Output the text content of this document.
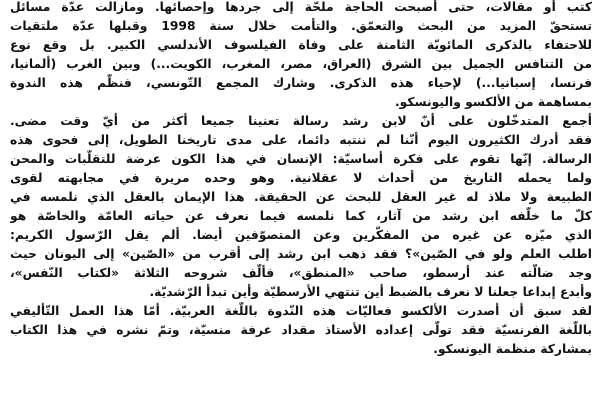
كتب أو مقالات، حتى أصبحت الحاجة ملحّة إلى جردها وإحصائها. ومازالت عدّة مسائل
تستحقّ المزيد من البحث والتعمّق. والتأمت خلال سنة 1998 وقبلها عدّة ملتقيات
للاحتفاء بالذكرى المائويّة الثامنة على وفاة الفيلسوف الأندلسي الكبير. بل وقع نوع
من التنافس الجميل بين الشرق (العراق، مصر، المغرب، الكويت...) وبين الغرب (ألمانيا،
فرنسا، إسبانيا...) لإحياء هذه الذكرى. وشارك المجمع التّونسي، فنظّم هذه الندوة
بمساهمة من الألكسو واليونسكو.
أجمع المتدخّلون على أنّ لابن رشد رسالة تعنينا جميعا أكثر من أيّ وقت مضى.
فقد أدرك الكثيرون اليوم أنّنا لم ننتبه دائما، على مدى تاريخنا الطويل، إلى فحوى هذه
الرسالة. إنّها تقوم على فكرة أساسيّة: الإنسان في هذا الكون عرضة للتقلّبات والمحن
ولما يحمله التاريخ من أحداث لا عقلانية. وهو وحده مريرة في مجابهته لقوى
الطبيعة ولا ملاذ له غير العقل للبحث عن الحقيقة. هذا الإيمان بالعقل الذي نلمسه في
كلّ ما خلّفه ابن رشد من آثار، كما نلمسه فيما نعرف عن حياته العامّة والخاصّة هو
الذي ميّزه عن غيره من المفكّرين وعن المتصوّفين أيضا. ألم يقل الرّسول الكريم:
اطلب العلم ولو في الصّين»؟ فقد ذهب ابن رشد إلى أقرب من «الصّين» إلى اليونان حيث
وجد ضالّته عند أرسطو، صاحب «المنطق»، فألّف شروحه الثلاثة «لكتاب النّفس»،
وأبدع إبداعا جعلنا لا نعرف بالضبط أين تنتهي الأرسطيّة وأين تبدأ الرّشديّة.
لقد سبق أن أصدرت الألكسو فعاليّات هذه النّدوة باللّغة العربيّة. أمّا هذا العمل التّأليفي
باللّغة الفرنسيّة فقد تولّى إعداده الأستاذ مقداد عرفة منسيّة، وتمّ نشره في هذا الكتاب
بمشاركة منظمة اليونسكو.
